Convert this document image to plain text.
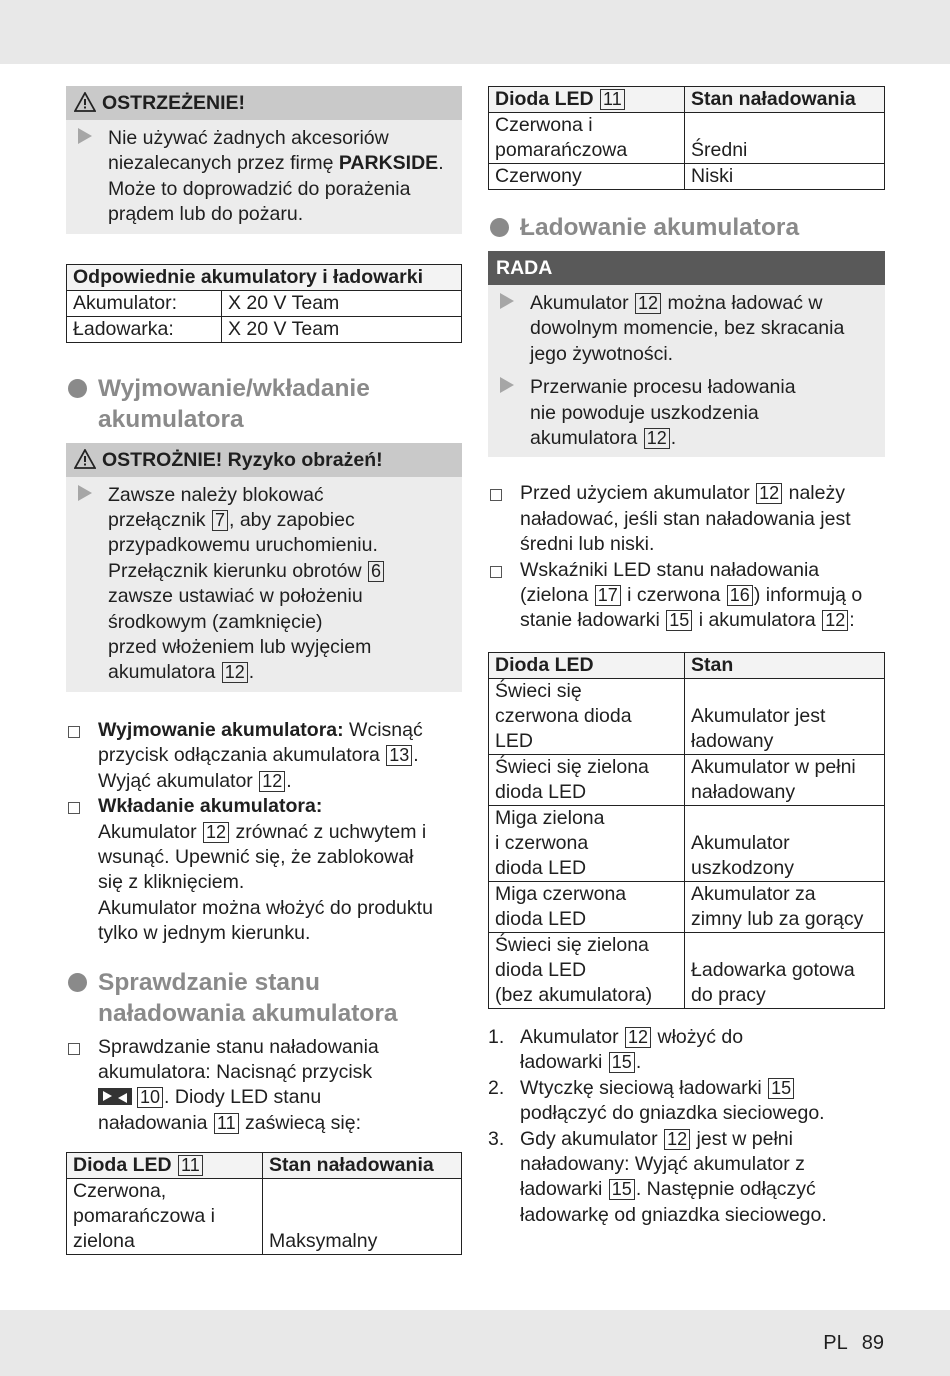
OSTRZEŻENIE!
Nie używać żadnych akcesoriów niezalecanych przez firmę PARKSIDE. Może to doprowadzić do porażenia prądem lub do pożaru.
Odpowiednie akumulatory i ładowarki	
Akumulator:	X 20 V Team
Ładowarka:	X 20 V Team
Wyjmowanie/wkładanie
akumulatora
OSTROŻNIE! Ryzyko obrażeń!
Zawsze należy blokować
przełącznik 7 , aby zapobiec
przypadkowemu uruchomieniu.
Przełącznik kierunku obrotów 6
zawsze ustawiać w położeniu
środkowym (zamknięcie)
przed włożeniem lub wyjęciem
akumulatora 12 .
Wyjmowanie akumulatora: Wcisnąć
przycisk odłączania akumulatora 13 .
Wyjąć akumulator 12 .
Wkładanie akumulatora:
Akumulator 12 zrównać z uchwytem i
wsunąć. Upewnić się, że zablokował
się z kliknięciem.
Akumulator można włożyć do produktu
tylko w jednym kierunku.
Sprawdzanie stanu
naładowania akumulatora
Sprawdzanie stanu naładowania
akumulatora: Nacisnąć przycisk
10 . Diody LED stanu
naładowania 11 zaświecą się:
Dioda LED 11	Stan naładowania

Czerwona,
pomarańczowa i
zielona	Maksymalny
Dioda LED 11	Stan naładowania

Czerwona i
pomarańczowa	Średni
Czerwony	Niski
Ładowanie akumulatora
RADA
Akumulator 12 można ładować w
dowolnym momencie, bez skracania
jego żywotności.
Przerwanie procesu ładowania
nie powoduje uszkodzenia
akumulatora 12 .
Przed użyciem akumulator 12 należy
naładować, jeśli stan naładowania jest
średni lub niski.
Wskaźniki LED stanu naładowania
(zielona 17 i czerwona 16 ) informują o
stanie ładowarki 15 i akumulatora 12 :
Dioda LED	Stan

Świeci się
czerwona dioda
LED	Akumulator jest
ładowany

Świeci się zielona
dioda LED	Akumulator w pełni
naładowany

Miga zielona
i czerwona
dioda LED	Akumulator
uszkodzony

Miga czerwona
dioda LED	Akumulator za
zimny lub za gorący

Świeci się zielona
dioda LED
(bez akumulatora)	Ładowarka gotowa
do pracy
1. Akumulator 12 włożyć do
ładowarki 15 .
2. Wtyczkę sieciową ładowarki 15
podłączyć do gniazdka sieciowego.
3. Gdy akumulator 12 jest w pełni
naładowany: Wyjąć akumulator z
ładowarki 15 . Następnie odłączyć
ładowarkę od gniazdka sieciowego.
PL 89
